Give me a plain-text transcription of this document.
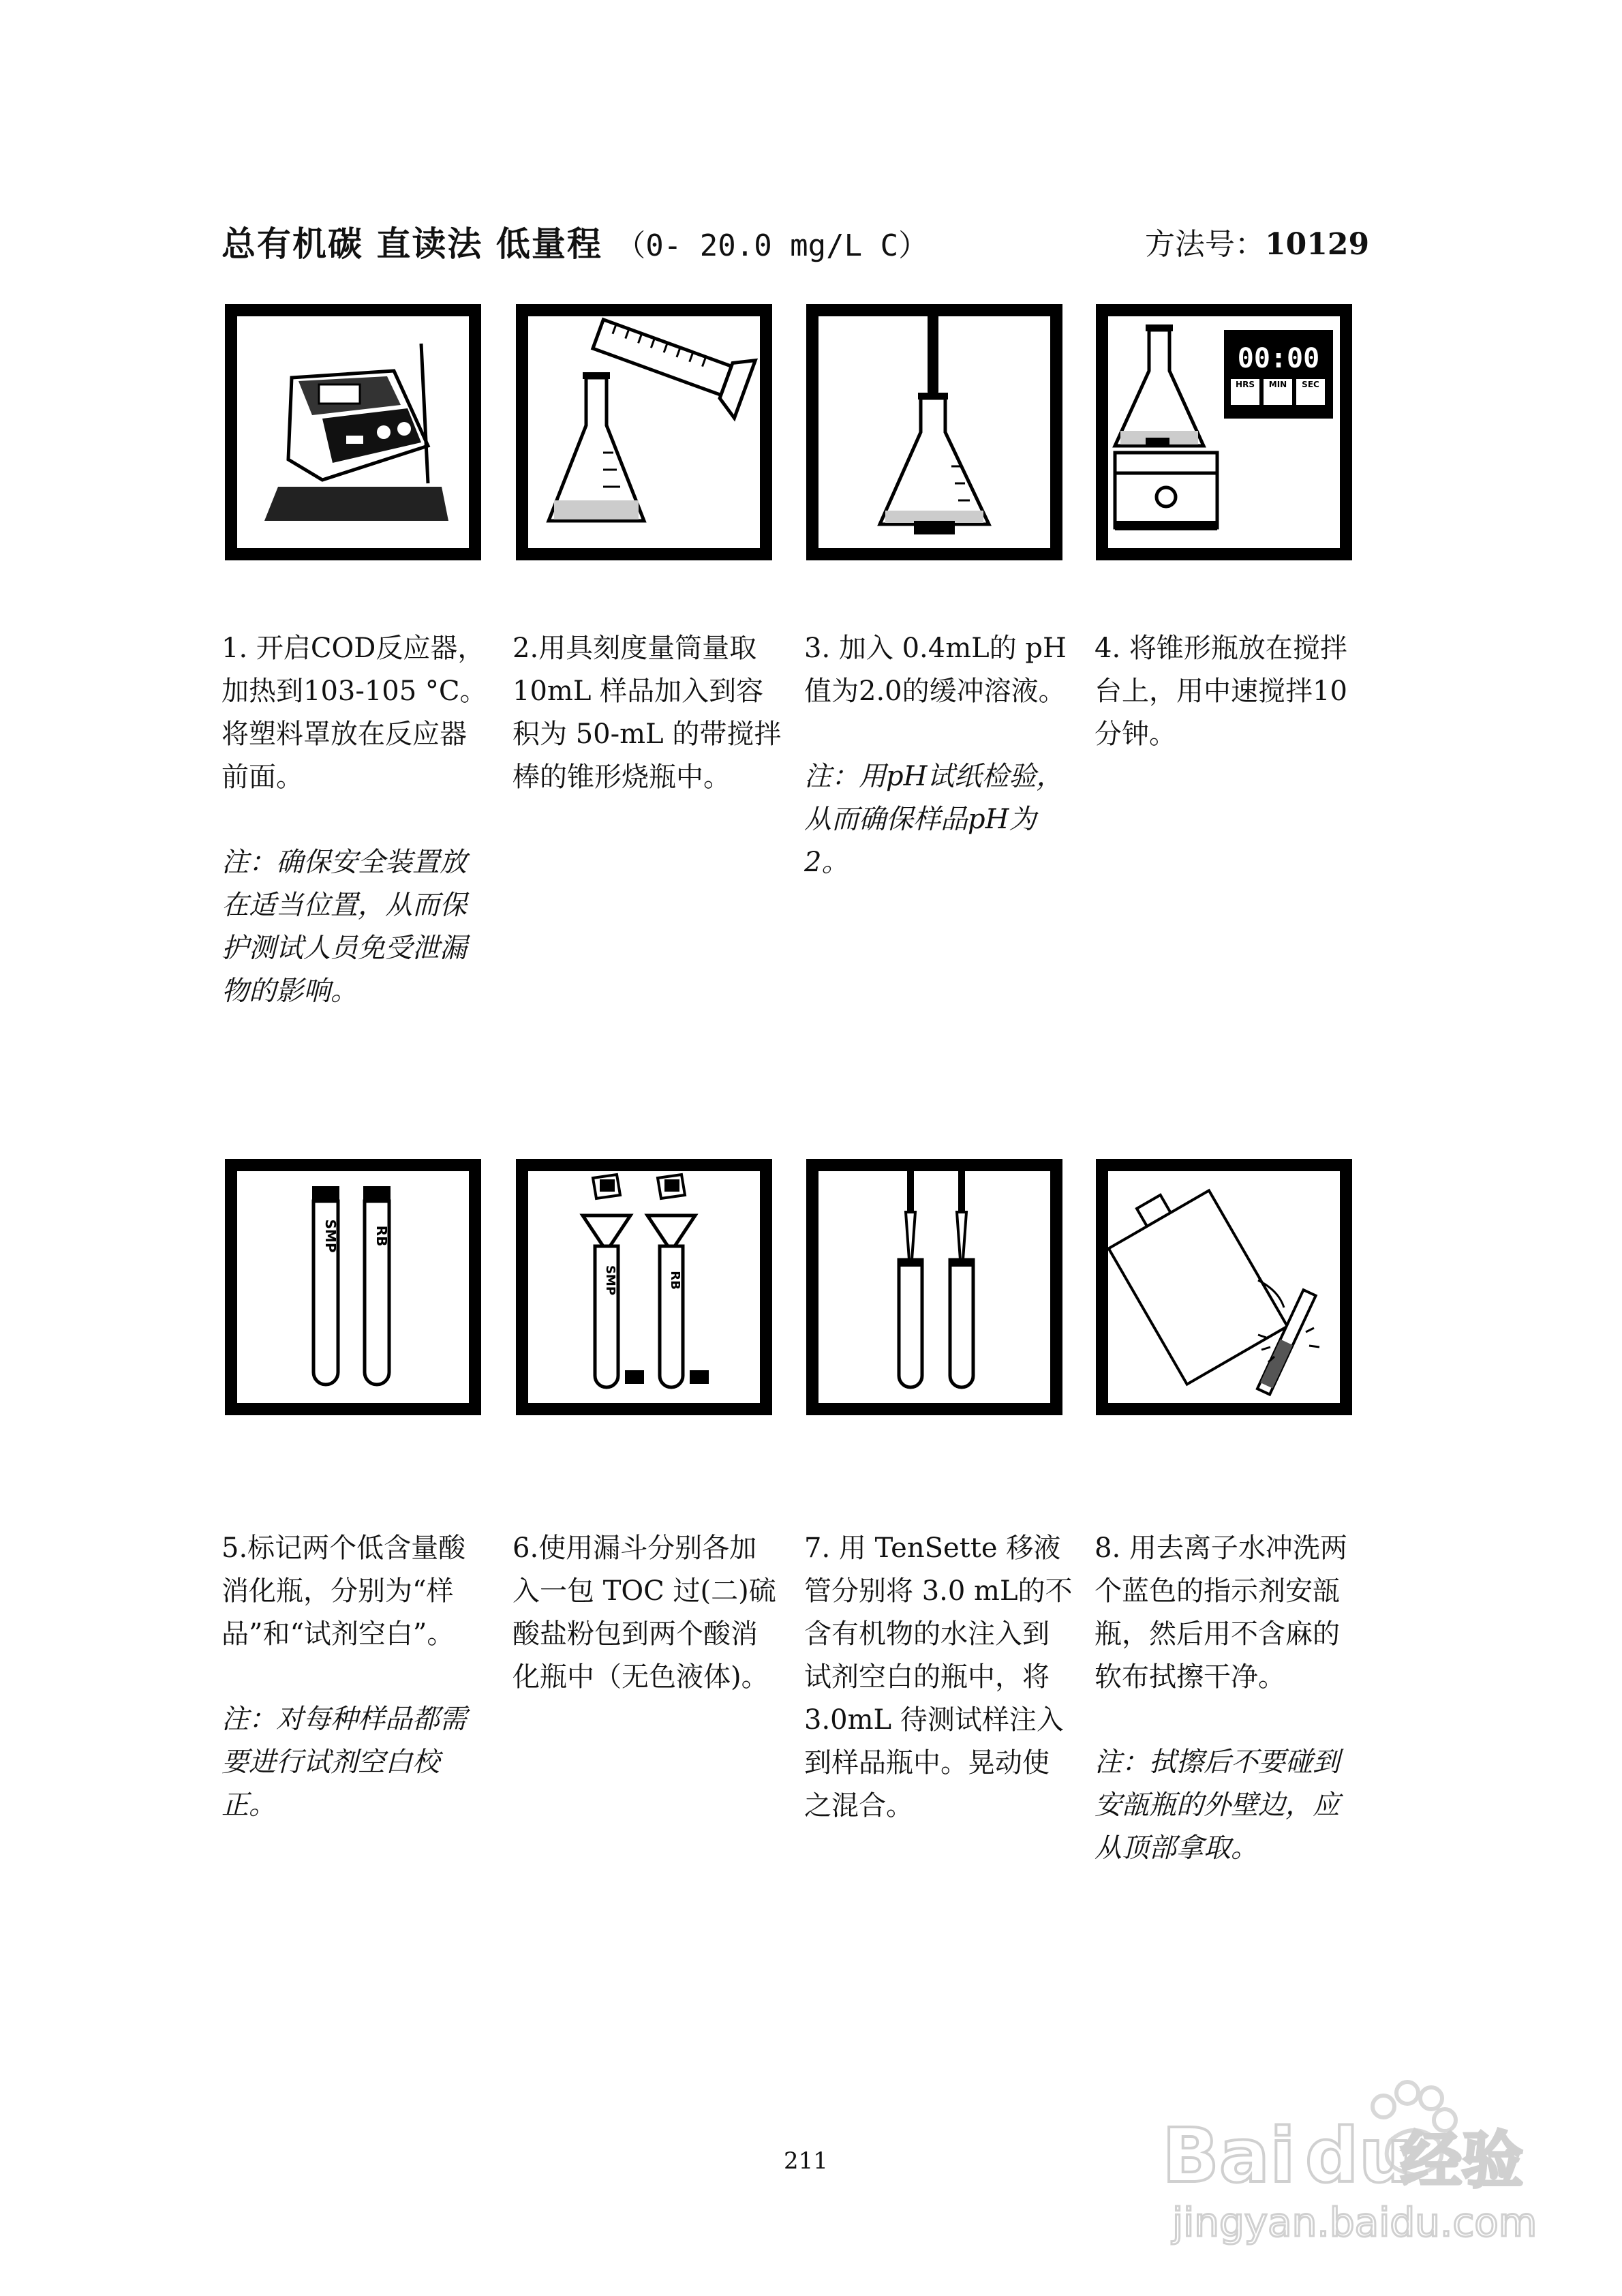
总有机碳 直读法 低量程 （0- 20.0 mg/L C）	方法号：10129
00:00
HRS MIN SEC

1. 开启COD反应器，加热到103-105 °C。将塑料罩放在反应器前面。

注：确保安全装置放在适当位置，从而保护测试人员免受泄漏物的影响。

2.用具刻度量筒量取10mL 样品加入到容积为 50-mL 的带搅拌棒的锥形烧瓶中。

3. 加入 0.4mL的 pH值为2.0的缓冲溶液。

注：用pH试纸检验，从而确保样品pH为2。

4. 将锥形瓶放在搅拌台上，用中速搅拌10 分钟。

SMP	RB
SMP	RB

5.标记两个低含量酸消化瓶，分别为“样品”和“试剂空白”。

注：对每种样品都需要进行试剂空白校正。

6.使用漏斗分别各加入一包 TOC 过(二)硫酸盐粉包到两个酸消化瓶中（无色液体)。

7. 用 TenSette 移液管分别将 3.0 mL的不含有机物的水注入到试剂空白的瓶中，将 3.0mL 待测试样注入到样品瓶中。晃动使之混合。

8. 用去离子水冲洗两个蓝色的指示剂安瓿瓶，然后用不含麻的软布拭擦干净。

注：拭擦后不要碰到安瓿瓶的外壁边，应从顶部拿取。

211	Bai du
经验
jingyan.baidu.com
